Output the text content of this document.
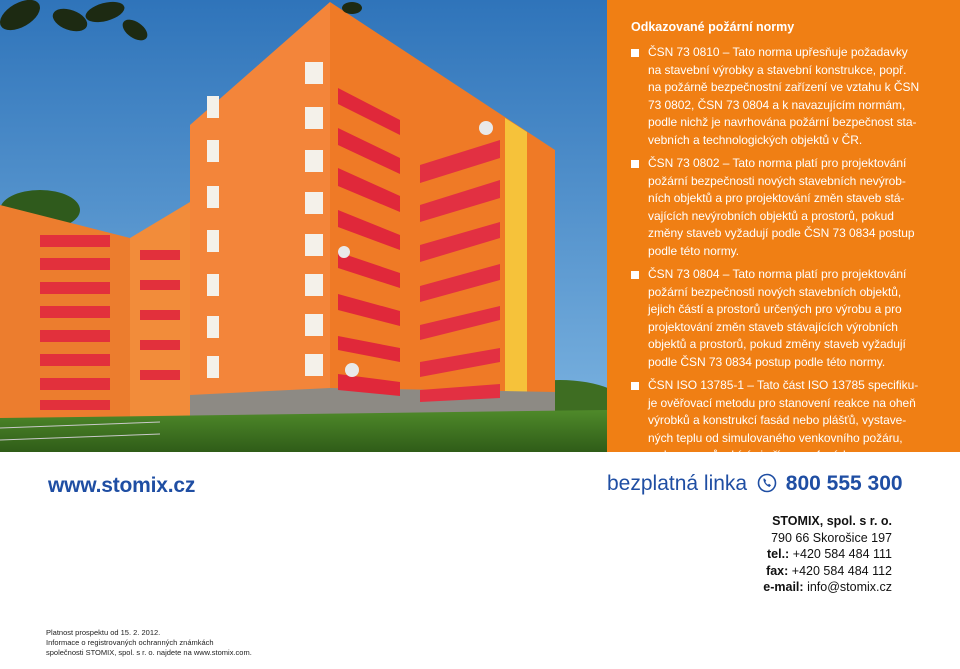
Odkazované požární normy
ČSN 73 0810 – Tato norma upřesňuje požadavky
na stavební výrobky a stavební konstrukce, popř.
na požárně bezpečnostní zařízení ve vztahu k ČSN
73 0802, ČSN 73 0804 a k navazujícím normám,
podle nichž je navrhována požární bezpečnost sta-
vebních a technologických objektů v ČR.
ČSN 73 0802 – Tato norma platí pro projektování
požární bezpečnosti nových stavebních nevýrob-
ních objektů a pro projektování změn staveb stá-
vajících nevýrobních objektů a prostorů, pokud
změny staveb vyžadují podle ČSN 73 0834 postup
podle této normy.
ČSN 73 0804 – Tato norma platí pro projektování
požární bezpečnosti nových stavebních objektů,
jejich částí a prostorů určených pro výrobu a pro
projektování změn staveb stávajících výrobních
objektů a prostorů, pokud změny staveb vyžadují
podle ČSN 73 0834 postup podle této normy.
ČSN ISO 13785-1 – Tato část ISO 13785 specifiku-
je ověřovací metodu pro stanovení reakce na oheň
výrobků a konstrukcí fasád nebo plášťů, vystave-
ných teplu od simulovaného venkovního požáru,
s plameny působícími přímo na fasádu.
www.stomix.cz	bezplatná linka 800 555 300
STOMIX, spol. s r. o.
790 66 Skorošice 197
tel.: +420 584 484 111
fax: +420 584 484 112
e-mail: info@stomix.cz
Platnost prospektu od 15. 2. 2012.
Informace o registrovaných ochranných známkách
společnosti STOMIX, spol. s r. o. najdete na www.stomix.com.
